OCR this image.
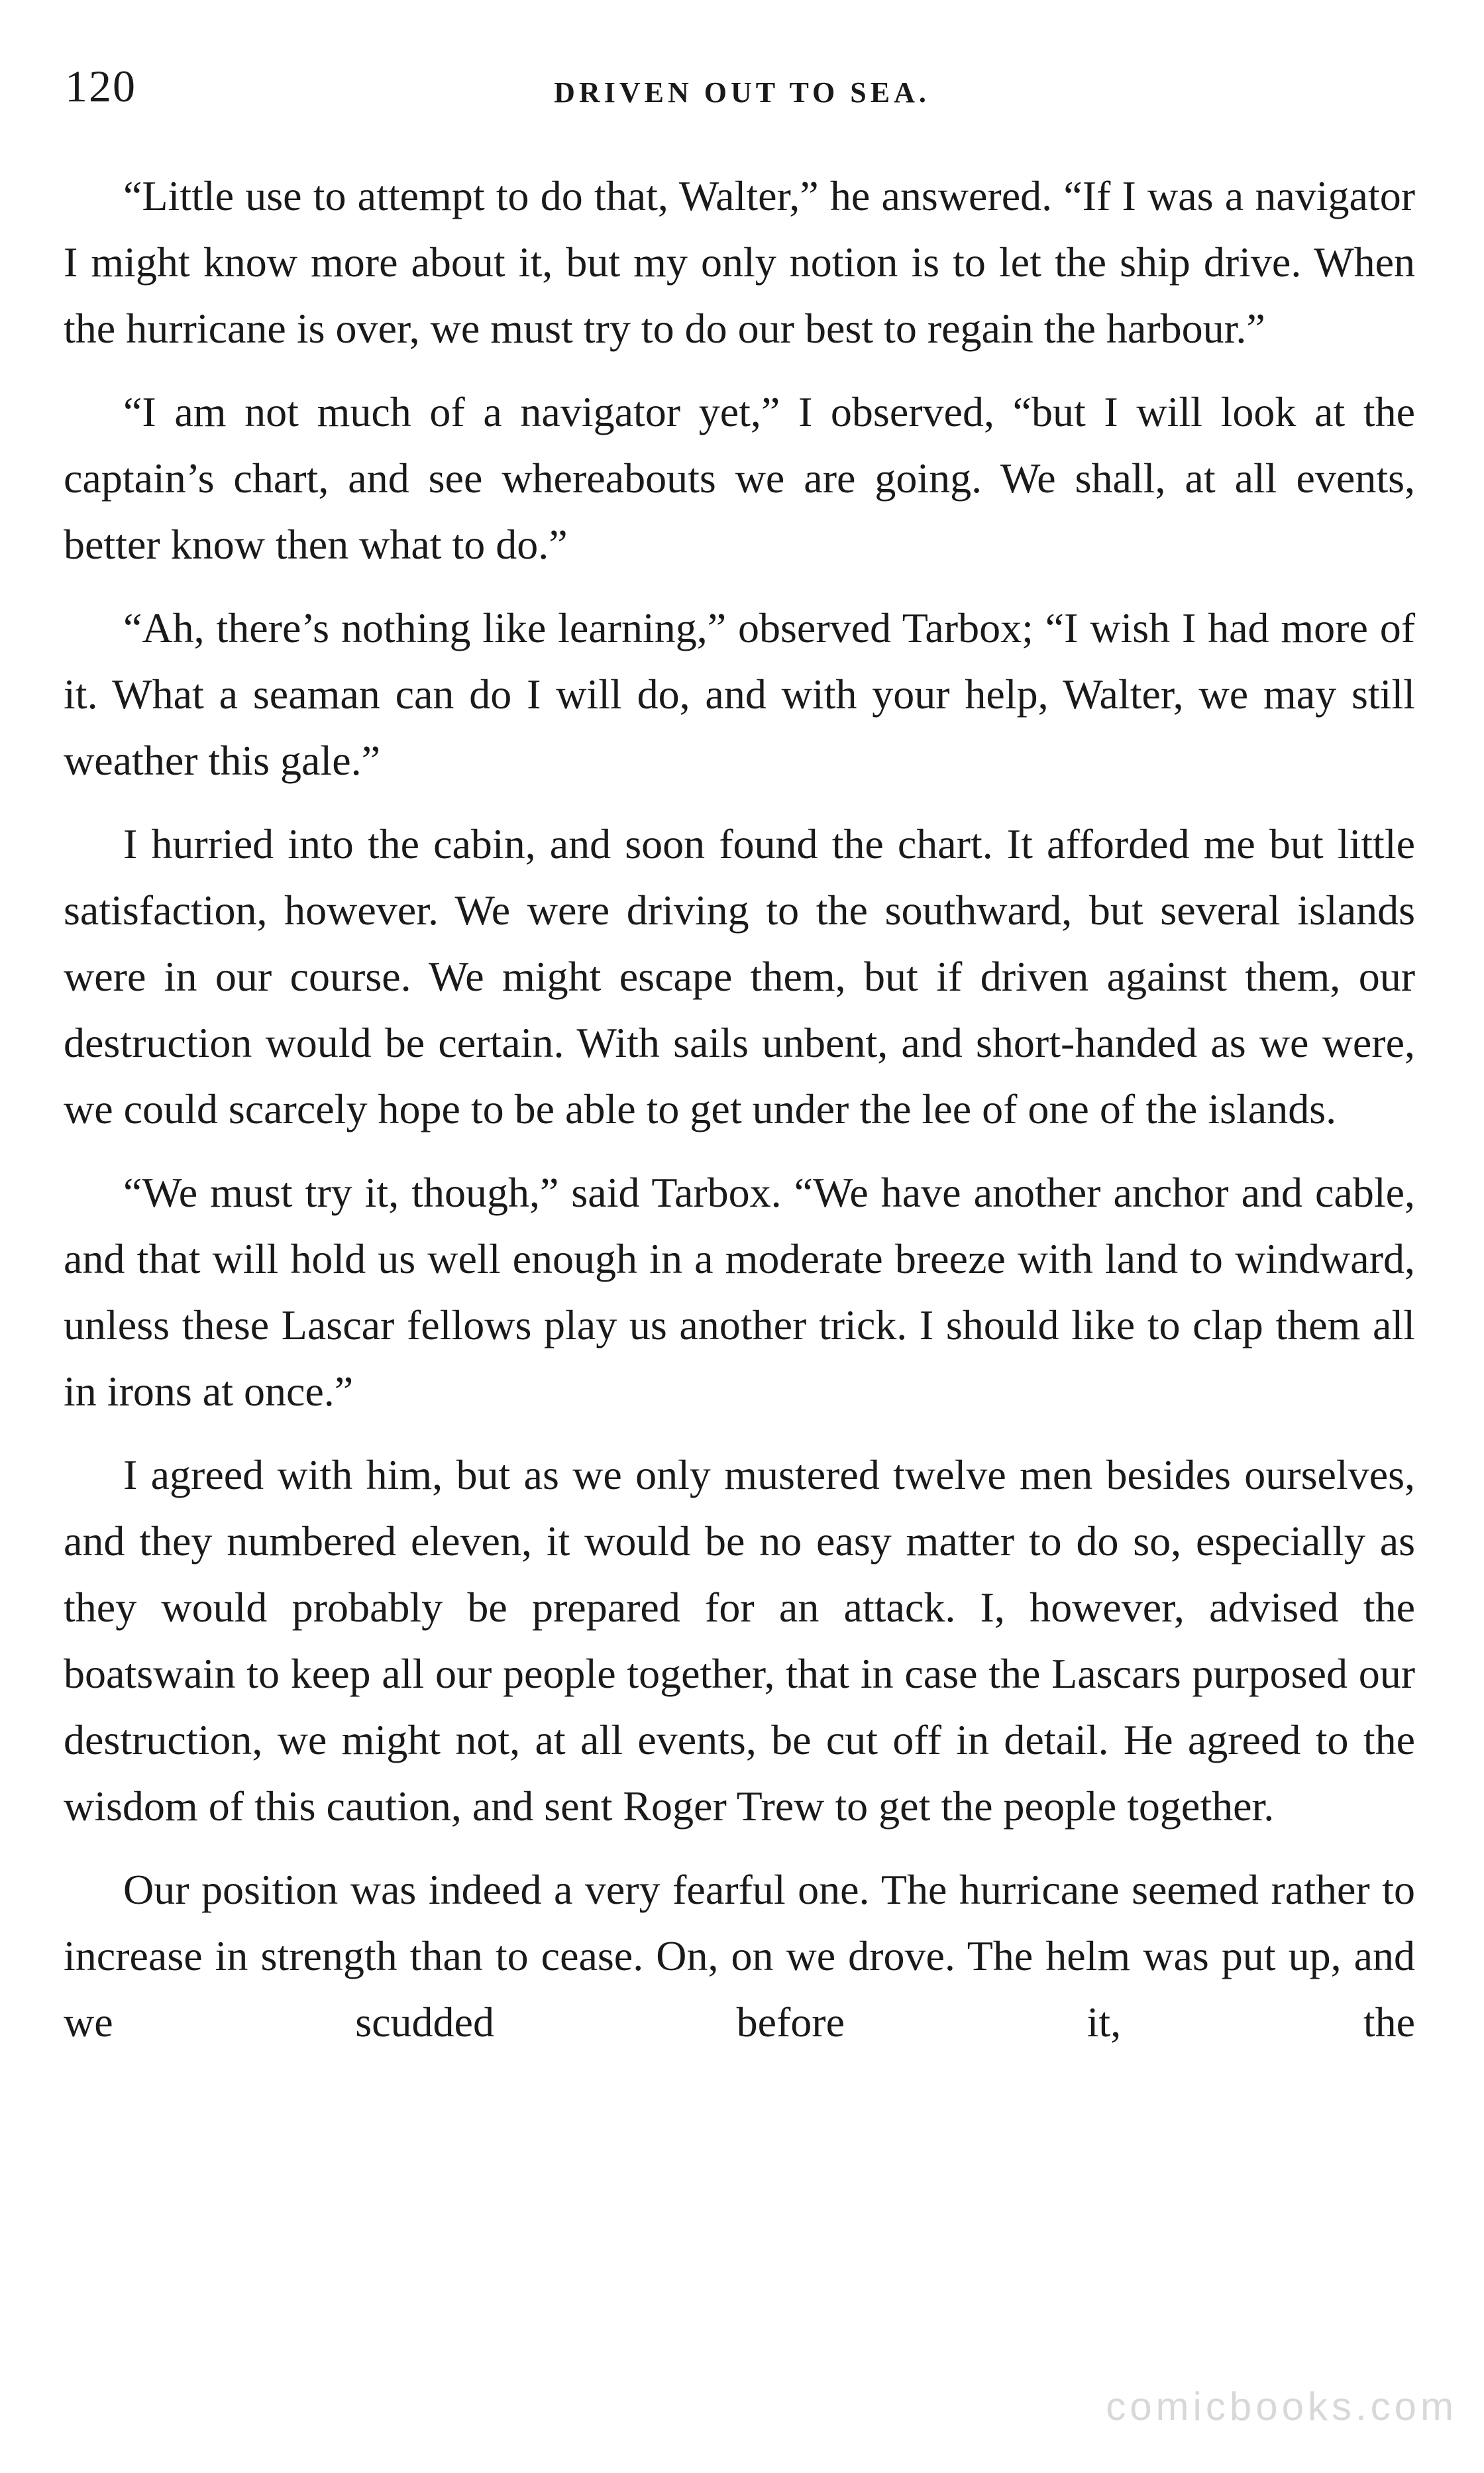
120	DRIVEN OUT TO SEA.

“Little use to attempt to do that, Walter,” he answered. “If I was a navigator I might know more about it, but my only notion is to let the ship drive. When the hurricane is over, we must try to do our best to regain the harbour.”

“I am not much of a navigator yet,” I observed, “but I will look at the captain’s chart, and see whereabouts we are going. We shall, at all events, better know then what to do.”

“Ah, there’s nothing like learning,” observed Tarbox; “I wish I had more of it. What a seaman can do I will do, and with your help, Walter, we may still weather this gale.”

I hurried into the cabin, and soon found the chart. It afforded me but little satisfaction, however. We were driving to the southward, but several islands were in our course. We might escape them, but if driven against them, our destruction would be certain. With sails unbent, and short-handed as we were, we could scarcely hope to be able to get under the lee of one of the islands.

“We must try it, though,” said Tarbox. “We have another anchor and cable, and that will hold us well enough in a moderate breeze with land to windward, unless these Lascar fellows play us another trick. I should like to clap them all in irons at once.”

I agreed with him, but as we only mustered twelve men besides ourselves, and they numbered eleven, it would be no easy matter to do so, especially as they would probably be prepared for an attack. I, however, advised the boatswain to keep all our people together, that in case the Lascars purposed our destruction, we might not, at all events, be cut off in detail. He agreed to the wisdom of this caution, and sent Roger Trew to get the people together.

Our position was indeed a very fearful one. The hurricane seemed rather to increase in strength than to cease. On, on we drove. The helm was put up, and we scudded before it, the

comicbooks.com
